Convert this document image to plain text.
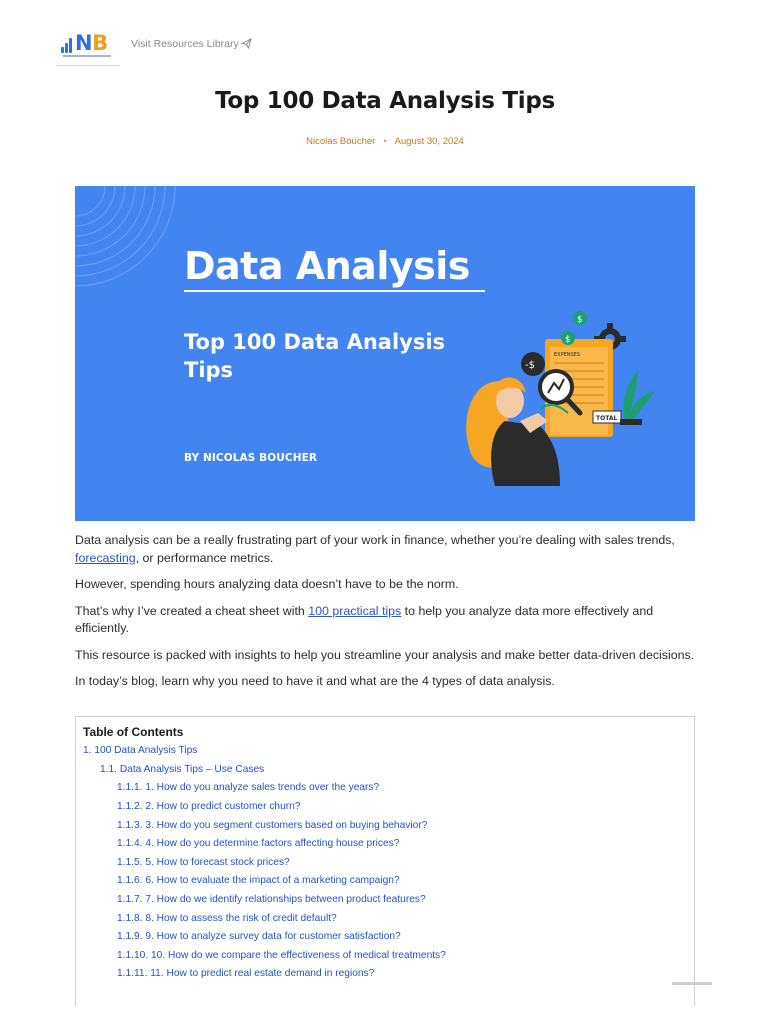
NB Visit Resources Library
Top 100 Data Analysis Tips
Nicolas Boucher • August 30, 2024
Data Analysis
Top 100 Data Analysis Tips
BY NICOLAS BOUCHER
EXPENSES
TOTAL
$
$
-$

Data analysis can be a really frustrating part of your work in finance, whether you’re dealing with sales trends, forecasting, or performance metrics.

However, spending hours analyzing data doesn’t have to be the norm.

That’s why I’ve created a cheat sheet with 100 practical tips to help you analyze data more effectively and efficiently.

This resource is packed with insights to help you streamline your analysis and make better data-driven decisions.

In today’s blog, learn why you need to have it and what are the 4 types of data analysis.

Table of Contents
1. 100 Data Analysis Tips
1.1. Data Analysis Tips – Use Cases
1.1.1. 1. How do you analyze sales trends over the years?
1.1.2. 2. How to predict customer churn?
1.1.3. 3. How do you segment customers based on buying behavior?
1.1.4. 4. How do you determine factors affecting house prices?
1.1.5. 5. How to forecast stock prices?
1.1.6. 6. How to evaluate the impact of a marketing campaign?
1.1.7. 7. How do we identify relationships between product features?
1.1.8. 8. How to assess the risk of credit default?
1.1.9. 9. How to analyze survey data for customer satisfaction?
1.1.10. 10. How do we compare the effectiveness of medical treatments?
1.1.11. 11. How to predict real estate demand in regions?
